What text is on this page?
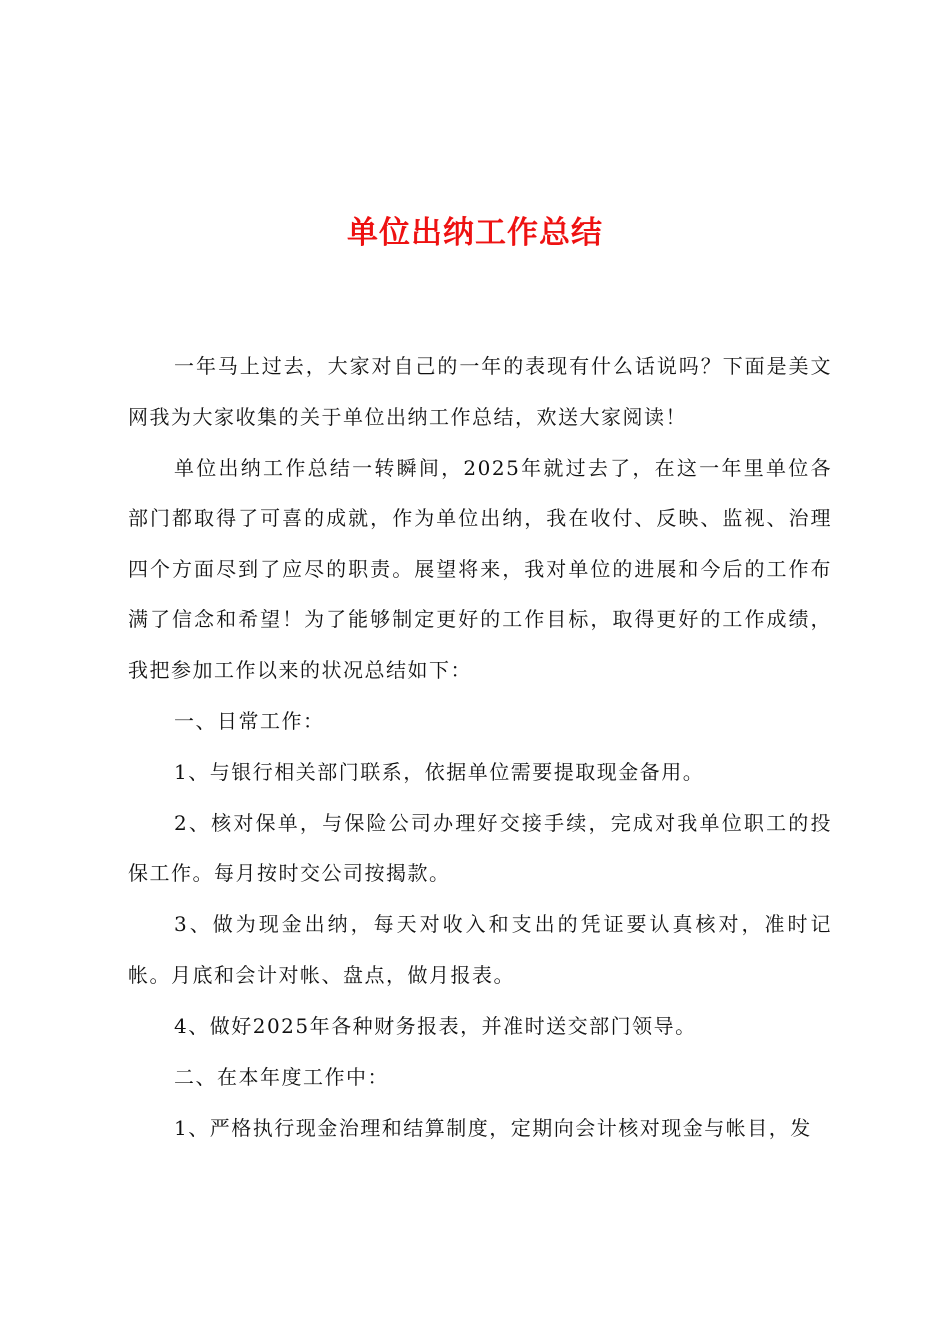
单位出纳工作总结

一年马上过去，大家对自己的一年的表现有什么话说吗？下面是美文网我为大家收集的关于单位出纳工作总结，欢送大家阅读！

单位出纳工作总结一转瞬间，2025年就过去了，在这一年里单位各部门都取得了可喜的成就，作为单位出纳，我在收付、反映、监视、治理四个方面尽到了应尽的职责。展望将来，我对单位的进展和今后的工作布满了信念和希望！为了能够制定更好的工作目标，取得更好的工作成绩，我把参加工作以来的状况总结如下：

一、日常工作：

1、与银行相关部门联系，依据单位需要提取现金备用。

2、核对保单，与保险公司办理好交接手续，完成对我单位职工的投保工作。每月按时交公司按揭款。

3、做为现金出纳，每天对收入和支出的凭证要认真核对，准时记帐。月底和会计对帐、盘点，做月报表。

4、做好2025年各种财务报表，并准时送交部门领导。

二、在本年度工作中：

1、严格执行现金治理和结算制度，定期向会计核对现金与帐目，发
